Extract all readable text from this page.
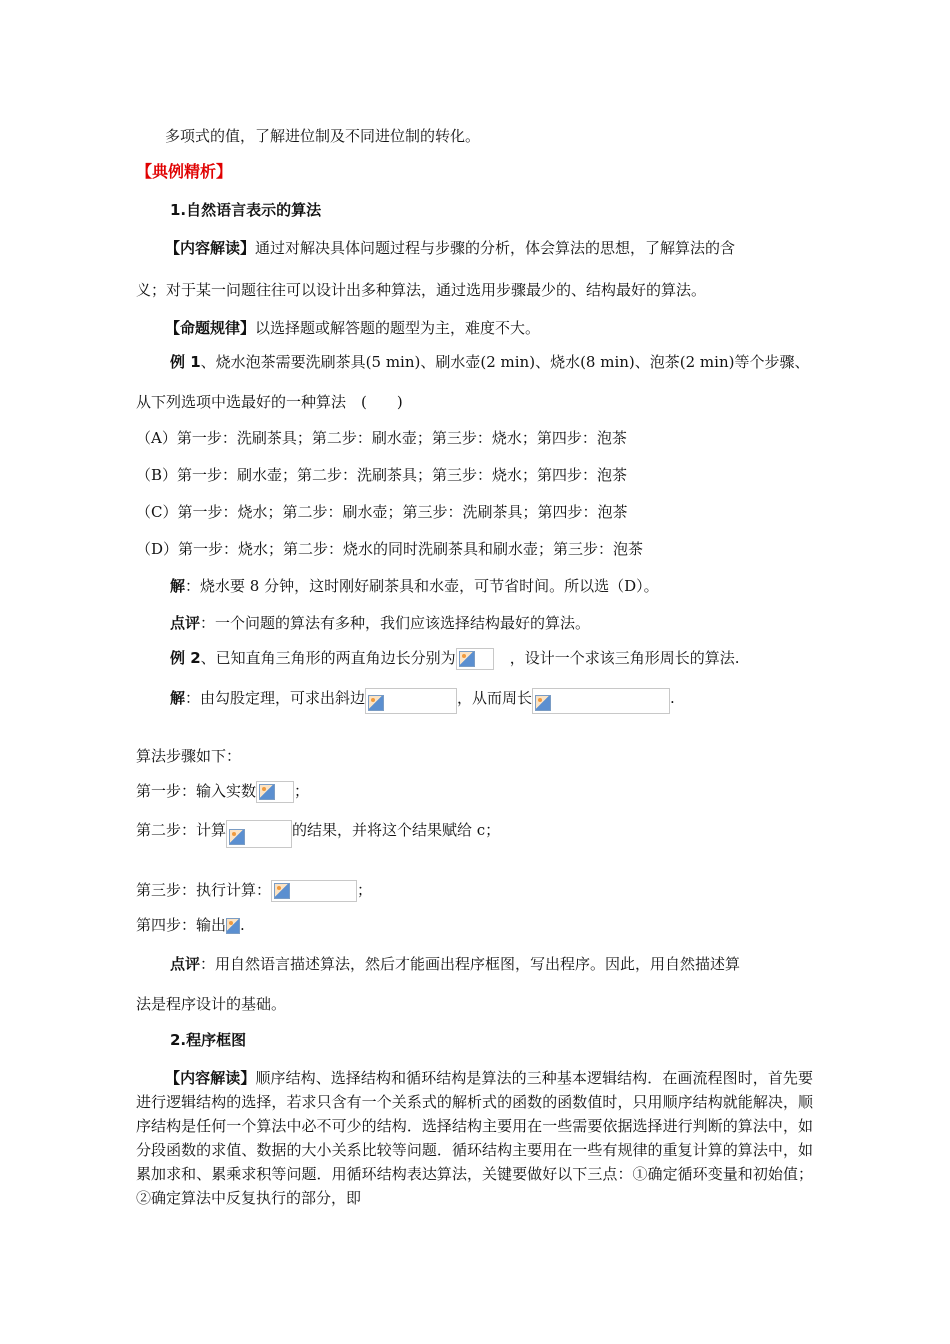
多项式的值，了解进位制及不同进位制的转化。
【典例精析】
1.自然语言表示的算法
【内容解读】通过对解决具体问题过程与步骤的分析，体会算法的思想，了解算法的含
义；对于某一问题往往可以设计出多种算法，通过选用步骤最少的、结构最好的算法。
【命题规律】以选择题或解答题的题型为主，难度不大。
例 1、烧水泡茶需要洗刷茶具(5 min)、刷水壶(2 min)、烧水(8 min)、泡茶(2 min)等个步骤、
从下列选项中选最好的一种算法　(　　)
（A）第一步：洗刷茶具；第二步：刷水壶；第三步：烧水；第四步：泡茶
（B）第一步：刷水壶；第二步：洗刷茶具；第三步：烧水；第四步：泡茶
（C）第一步：烧水；第二步：刷水壶；第三步：洗刷茶具；第四步：泡茶
（D）第一步：烧水；第二步：烧水的同时洗刷茶具和刷水壶；第三步：泡茶
解：烧水要 8 分钟，这时刚好刷茶具和水壶，可节省时间。所以选（D）。
点评：一个问题的算法有多种，我们应该选择结构最好的算法。
例 2、已知直角三角形的两直角边长分别为	，设计一个求该三角形周长的算法.
解：由勾股定理，可求出斜边	，从而周长	.
算法步骤如下：
第一步：输入实数	；
第二步：计算	的结果，并将这个结果赋给 c；
第三步：执行计算：	；
第四步：输出 .
点评：用自然语言描述算法，然后才能画出程序框图，写出程序。因此，用自然描述算
法是程序设计的基础。
2.程序框图
【内容解读】顺序结构、选择结构和循环结构是算法的三种基本逻辑结构．在画流程图时，首先要进行逻辑结构的选择，若求只含有一个关系式的解析式的函数的函数值时，只用顺序结构就能解决，顺序结构是任何一个算法中必不可少的结构．选择结构主要用在一些需要依据选择进行判断的算法中，如分段函数的求值、数据的大小关系比较等问题．循环结构主要用在一些有规律的重复计算的算法中，如累加求和、累乘求积等问题．用循环结构表达算法，关键要做好以下三点：①确定循环变量和初始值；②确定算法中反复执行的部分，即
